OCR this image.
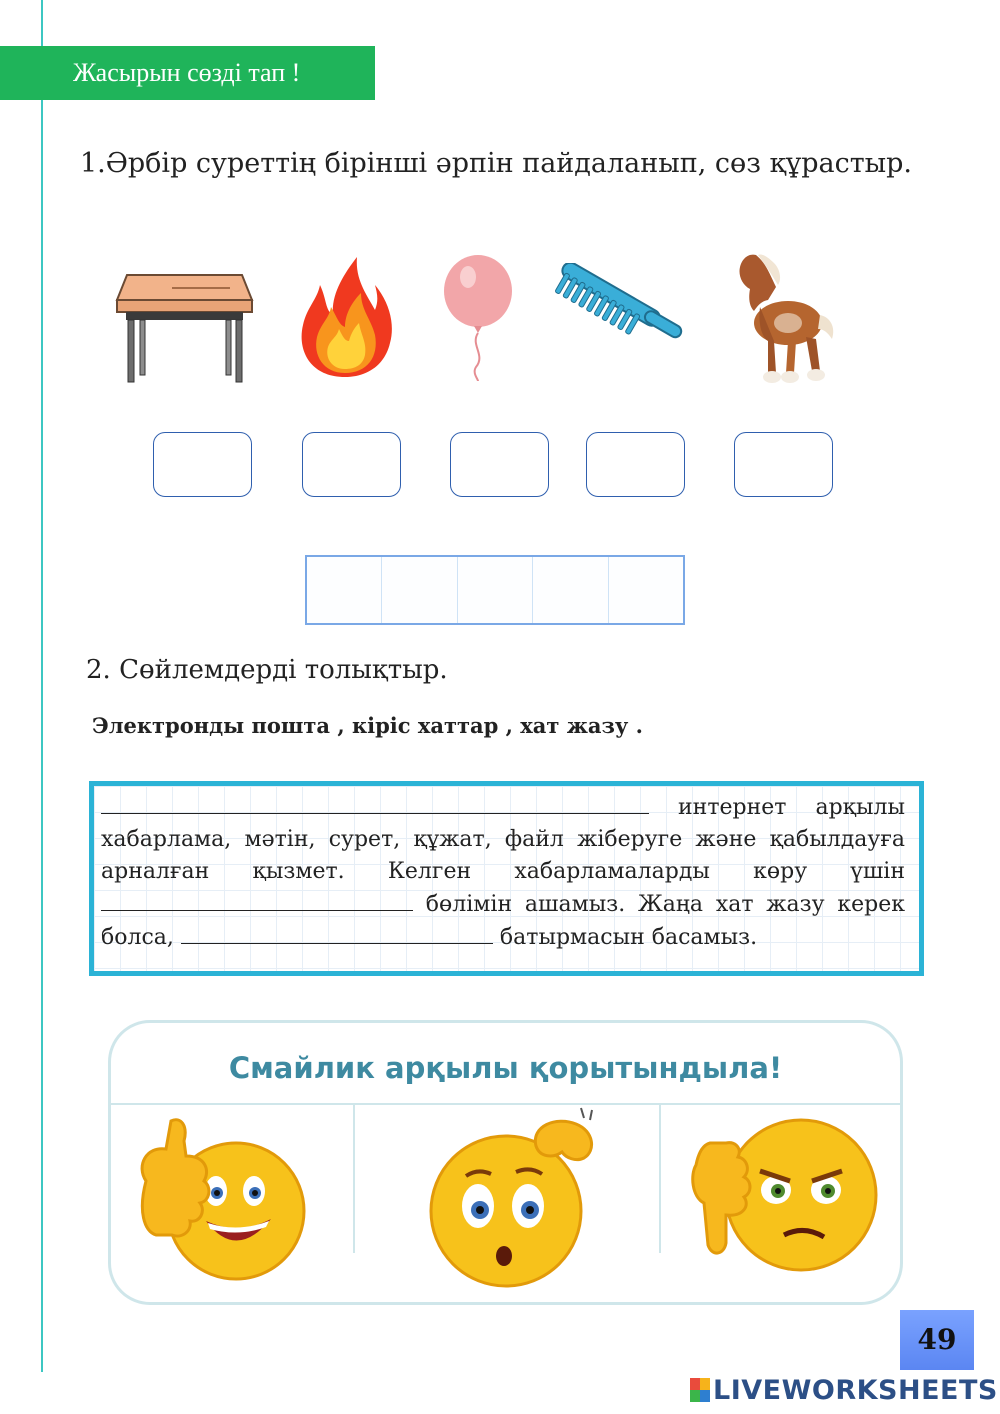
Жасырын сөзді тап !
1.Әрбір суреттің бірінші әрпін пайдаланып, сөз құрастыр.
2. Сөйлемдерді толықтыр.
Электронды пошта , кіріс хаттар , хат жазу .

интернет арқылы хабарлама, мәтін, сурет, құжат, файл жіберуге және қабылдауға арналған қызмет. Келген хабарламаларды көру үшін  бөлімін ашамыз. Жаңа хат жазу керек болса,	батырмасын басамыз.

Смайлик арқылы қорытындыла!
49
LIVEWORKSHEETS
